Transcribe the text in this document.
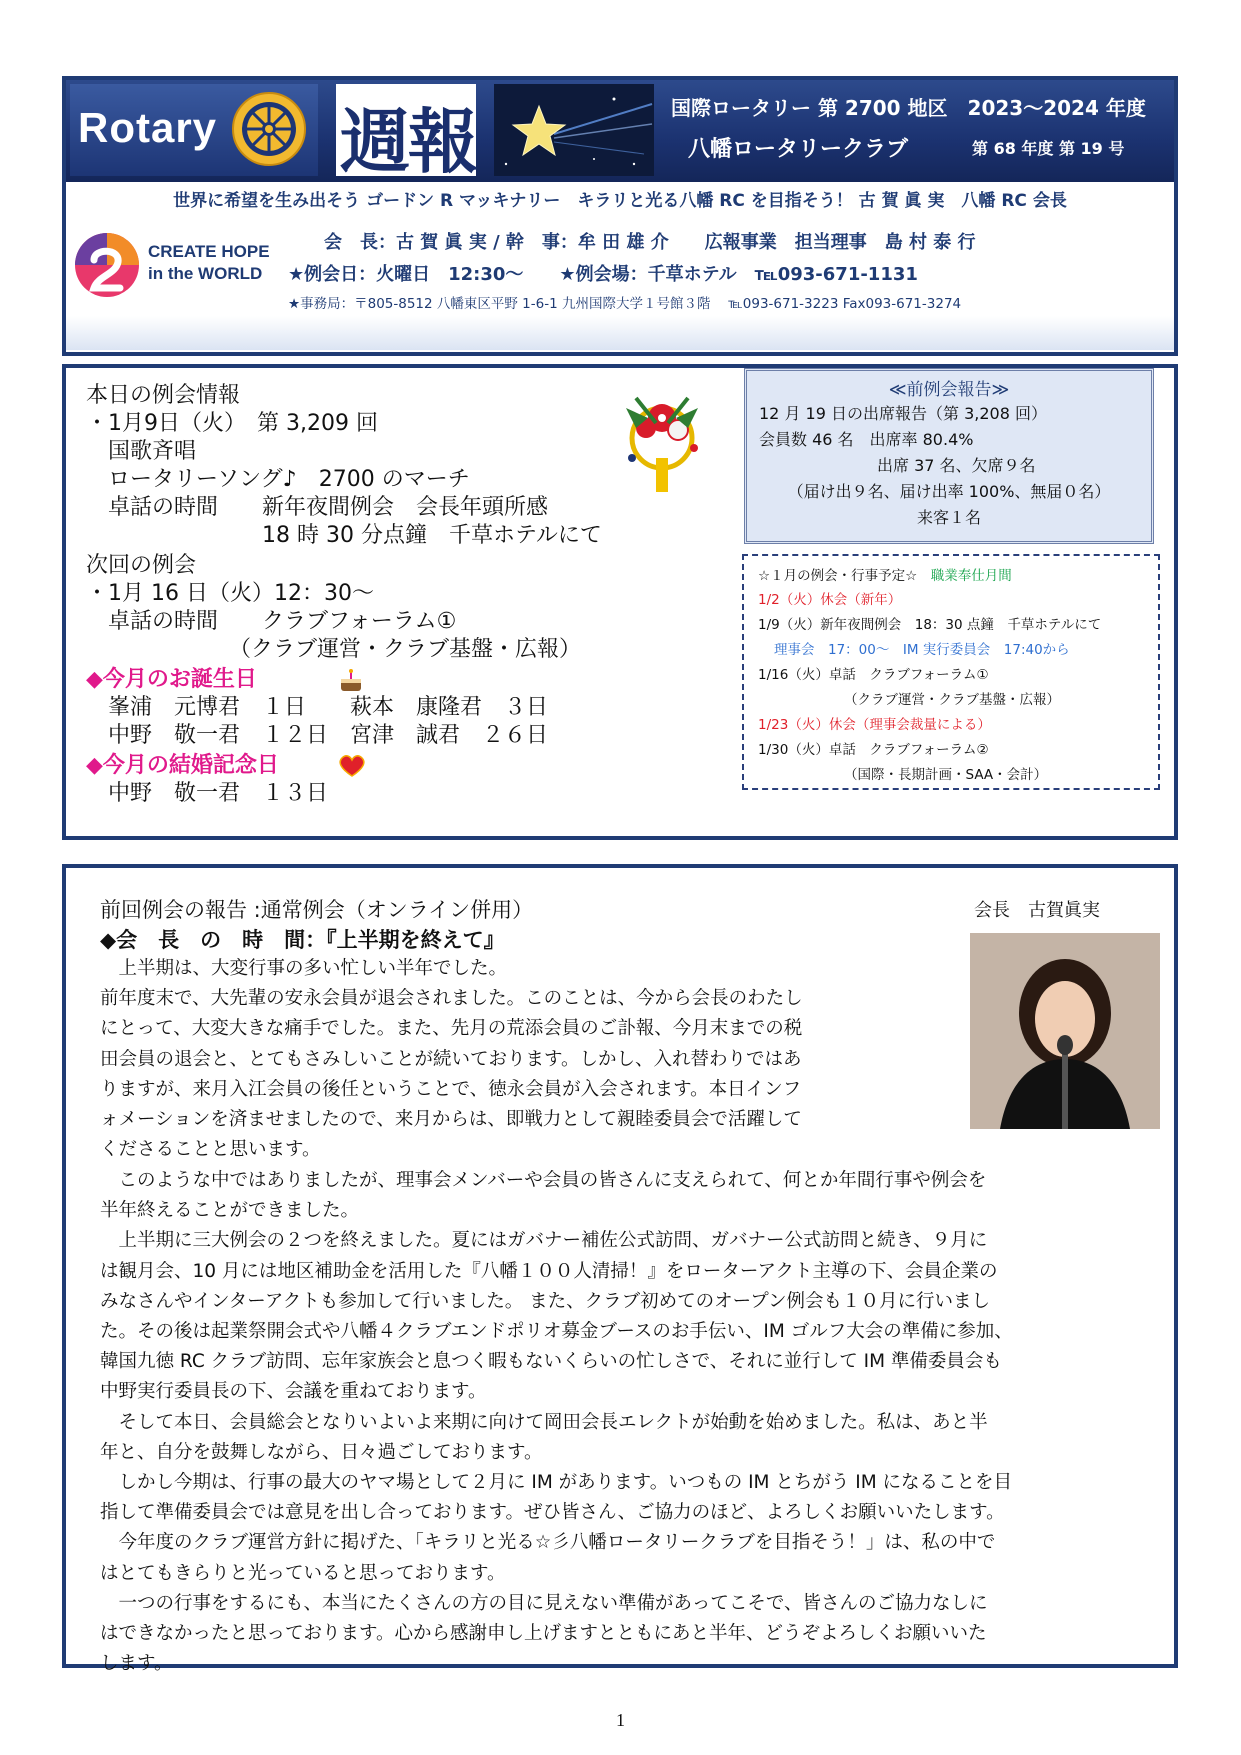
Rotary 週報	国際ロータリー 第 2700 地区　2023～2024 年度
八幡ロータリークラブ	第 68 年度 第 19 号
世界に希望を生み出そう ゴードン R マッキナリー　キラリと光る八幡 RC を目指そう！ 古 賀 眞 実　八幡 RC 会長
CREATE HOPE
in the WORLD
会　長：古 賀 眞 実 / 幹　事：牟 田 雄 介　　広報事業　担当理事　島 村 泰 行
★例会日：火曜日　12:30～　　★例会場：千草ホテル　℡093-671-1131
★事務局：〒805-8512 八幡東区平野 1-6-1 九州国際大学１号館３階　 ℡093-671-3223 Fax093-671-3274
本日の例会情報
・1月9日（火）　第 3,209 回
　国歌斉唱
　ロータリーソング♪　2700 のマーチ
　卓話の時間　　新年夜間例会　会長年頭所感
　　　　　　　　18 時 30 分点鐘　千草ホテルにて
次回の例会
・1月 16 日（火）12：30～
　卓話の時間　　クラブフォーラム①
　　　　　　　（クラブ運営・クラブ基盤・広報）
◆今月のお誕生日
　峯浦　元博君　１日　　萩本　康隆君　３日
　中野　敬一君　１２日　宮津　誠君　２６日
◆今月の結婚記念日
　中野　敬一君　１３日
≪前例会報告≫
12 月 19 日の出席報告（第 3,208 回）
会員数 46 名　出席率 80.4%
出席 37 名、欠席９名
（届け出９名、届け出率 100%、無届０名）
来客１名
☆１月の例会・行事予定☆　 職業奉仕月間
1/2（火）休会（新年）
1/9（火）新年夜間例会　18：30 点鐘　千草ホテルにて
理事会　17：00～　IM 実行委員会　17:40から
1/16（火）卓話　クラブフォーラム①
（クラブ運営・クラブ基盤・広報）
1/23（火）休会（理事会裁量による）
1/30（火）卓話　クラブフォーラム②
（国際・長期計画・SAA・会計）
前回例会の報告 :通常例会（オンライン併用）	会長　古賀眞実
◆会　長　の　時　間：『上半期を終えて』
　上半期は、大変行事の多い忙しい半年でした。
前年度末で、大先輩の安永会員が退会されました。このことは、今から会長のわたし
にとって、大変大きな痛手でした。また、先月の荒添会員のご訃報、今月末までの税
田会員の退会と、とてもさみしいことが続いております。しかし、入れ替わりではあ
りますが、来月入江会員の後任ということで、徳永会員が入会されます。本日インフ
ォメーションを済ませましたので、来月からは、即戦力として親睦委員会で活躍して
くださることと思います。
　このような中ではありましたが、理事会メンバーや会員の皆さんに支えられて、何とか年間行事や例会を
半年終えることができました。
　上半期に三大例会の２つを終えました。夏にはガバナー補佐公式訪問、ガバナー公式訪問と続き、９月に
は観月会、10 月には地区補助金を活用した『八幡１００人清掃！』をローターアクト主導の下、会員企業の
みなさんやインターアクトも参加して行いました。 また、クラブ初めてのオープン例会も１０月に行いまし
た。その後は起業祭開会式や八幡４クラブエンドポリオ募金ブースのお手伝い、IM ゴルフ大会の準備に参加、
韓国九徳 RC クラブ訪問、忘年家族会と息つく暇もないくらいの忙しさで、それに並行して IM 準備委員会も
中野実行委員長の下、会議を重ねております。
　そして本日、会員総会となりいよいよ来期に向けて岡田会長エレクトが始動を始めました。私は、あと半
年と、自分を鼓舞しながら、日々過ごしております。
　しかし今期は、行事の最大のヤマ場として２月に IM があります。いつもの IM とちがう IM になることを目
指して準備委員会では意見を出し合っております。ぜひ皆さん、ご協力のほど、よろしくお願いいたします。
　今年度のクラブ運営方針に掲げた、「キラリと光る☆彡八幡ロータリークラブを目指そう！」は、私の中で
はとてもきらりと光っていると思っております。
　一つの行事をするにも、本当にたくさんの方の目に見えない準備があってこそで、皆さんのご協力なしに
はできなかったと思っております。心から感謝申し上げますとともにあと半年、どうぞよろしくお願いいた
します。
1
